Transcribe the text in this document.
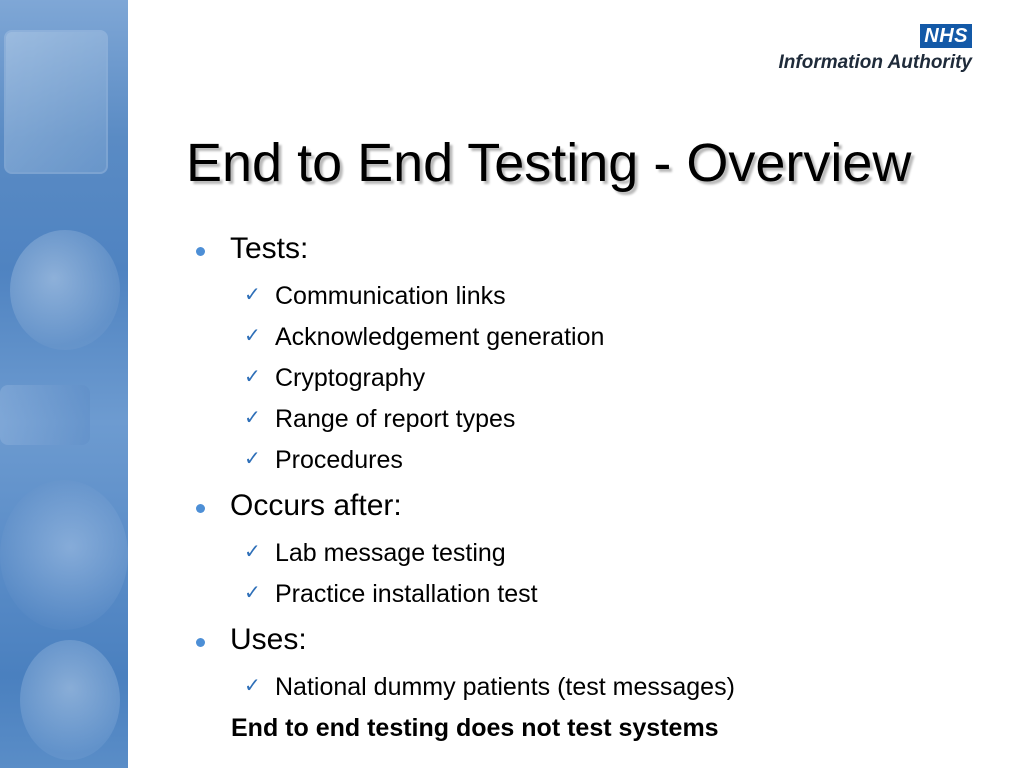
NHS
Information Authority
End to End Testing - Overview
Tests:
✓ Communication links
✓ Acknowledgement generation
✓ Cryptography
✓ Range of report types
✓ Procedures
Occurs after:
✓ Lab message testing
✓ Practice installation test
Uses:
✓ National dummy patients (test messages)
End to end testing does not test systems
